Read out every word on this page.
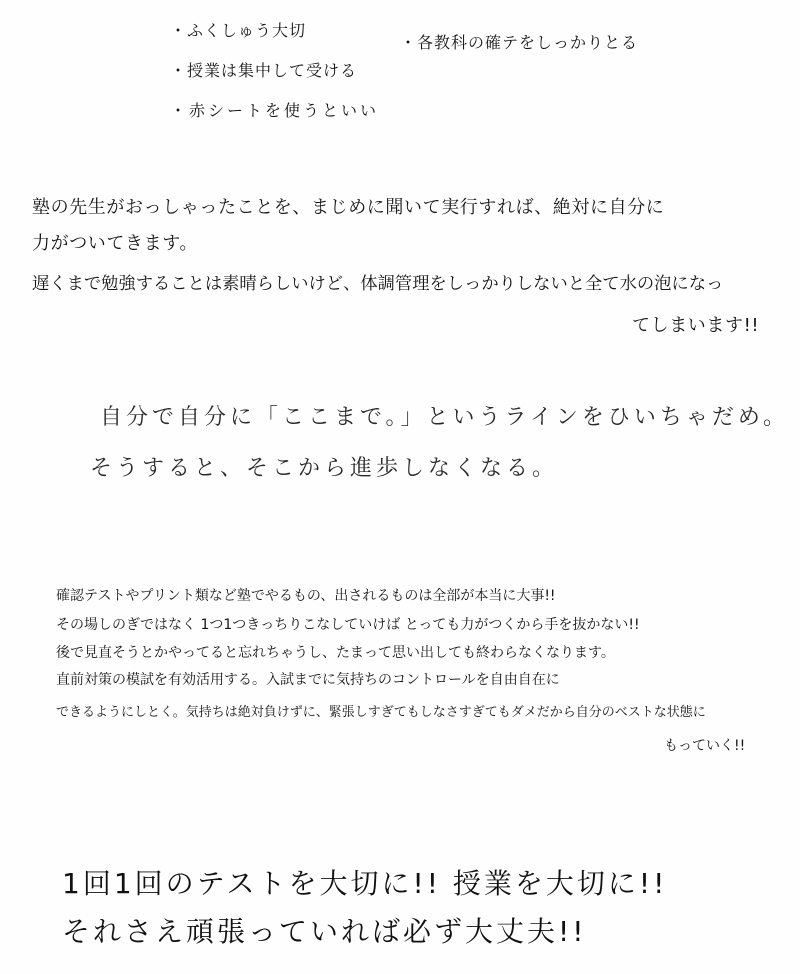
・ふくしゅう大切
・授業は集中して受ける
・赤シートを使うといい
・各教科の確テをしっかりとる
塾の先生がおっしゃったことを、まじめに聞いて実行すれば、絶対に自分に
力がついてきます。
遅くまで勉強することは素晴らしいけど、体調管理をしっかりしないと全て水の泡になっ
てしまいます!!
自分で自分に「ここまで。」というラインをひいちゃだめ。
そうすると、そこから進歩しなくなる。
確認テストやプリント類など塾でやるもの、出されるものは全部が本当に大事!!
その場しのぎではなく 1つ1つきっちりこなしていけば とっても力がつくから手を抜かない!!
後で見直そうとかやってると忘れちゃうし、たまって思い出しても終わらなくなります。
直前対策の模試を有効活用する。入試までに気持ちのコントロールを自由自在に
できるようにしとく。気持ちは絶対負けずに、緊張しすぎてもしなさすぎてもダメだから自分のベストな状態に
もっていく!!
1回1回のテストを大切に!! 授業を大切に!!
それさえ頑張っていれば必ず大丈夫!!
